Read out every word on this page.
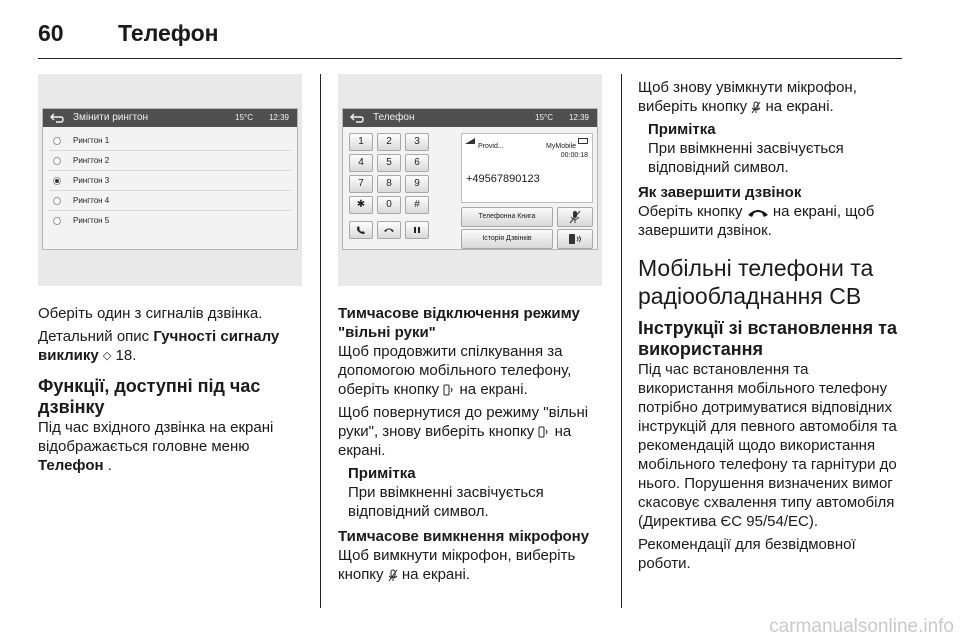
60 Телефон
Змінити рингтон	15°C 12:39
Рингтон 1
Рингтон 2
Рингтон 3
Рингтон 4
Рингтон 5

Оберіть один з сигналів дзвінка.

Детальний опис Гучності сигналу виклику ◇ 18.

Функції, доступні під час дзвінку

Під час вхідного дзвінка на екрані відображається головне меню Телефон .

Телефон	15°C 12:39
1	2	3
4	5	6
7	8	9
✱	0	#
Provid...	MyMobile
00:00:18
+49567890123
Телефонна Книга
Історія Дзвінків

Тимчасове відключення режиму "вільні руки"

Щоб продовжити спілкування за допомогою мобільного телефону, оберіть кнопку  на екрані.

Щоб повернутися до режиму "вільні руки", знову виберіть кнопку  на екрані.

Примітка

При ввімкненні засвічується відповідний символ.

Тимчасове вимкнення мікрофону

Щоб вимкнути мікрофон, виберіть кнопку  на екрані.

Щоб знову увімкнути мікрофон, виберіть кнопку  на екрані.

Примітка

При ввімкненні засвічується відповідний символ.

Як завершити дзвінок

Оберіть кнопку  на екрані, щоб завершити дзвінок.

Мобільні телефони та радіообладнання СВ

Інструкції зі встановлення та використання

Під час встановлення та використання мобільного телефону потрібно дотримуватися відповідних інструкцій для певного автомобіля та рекомендацій щодо використання мобільного телефону та гарнітури до нього. Порушення визначених вимог скасовує схвалення типу автомобіля (Директива ЄС 95/54/ЕС).

Рекомендації для безвідмовної роботи.

carmanualsonline.info
